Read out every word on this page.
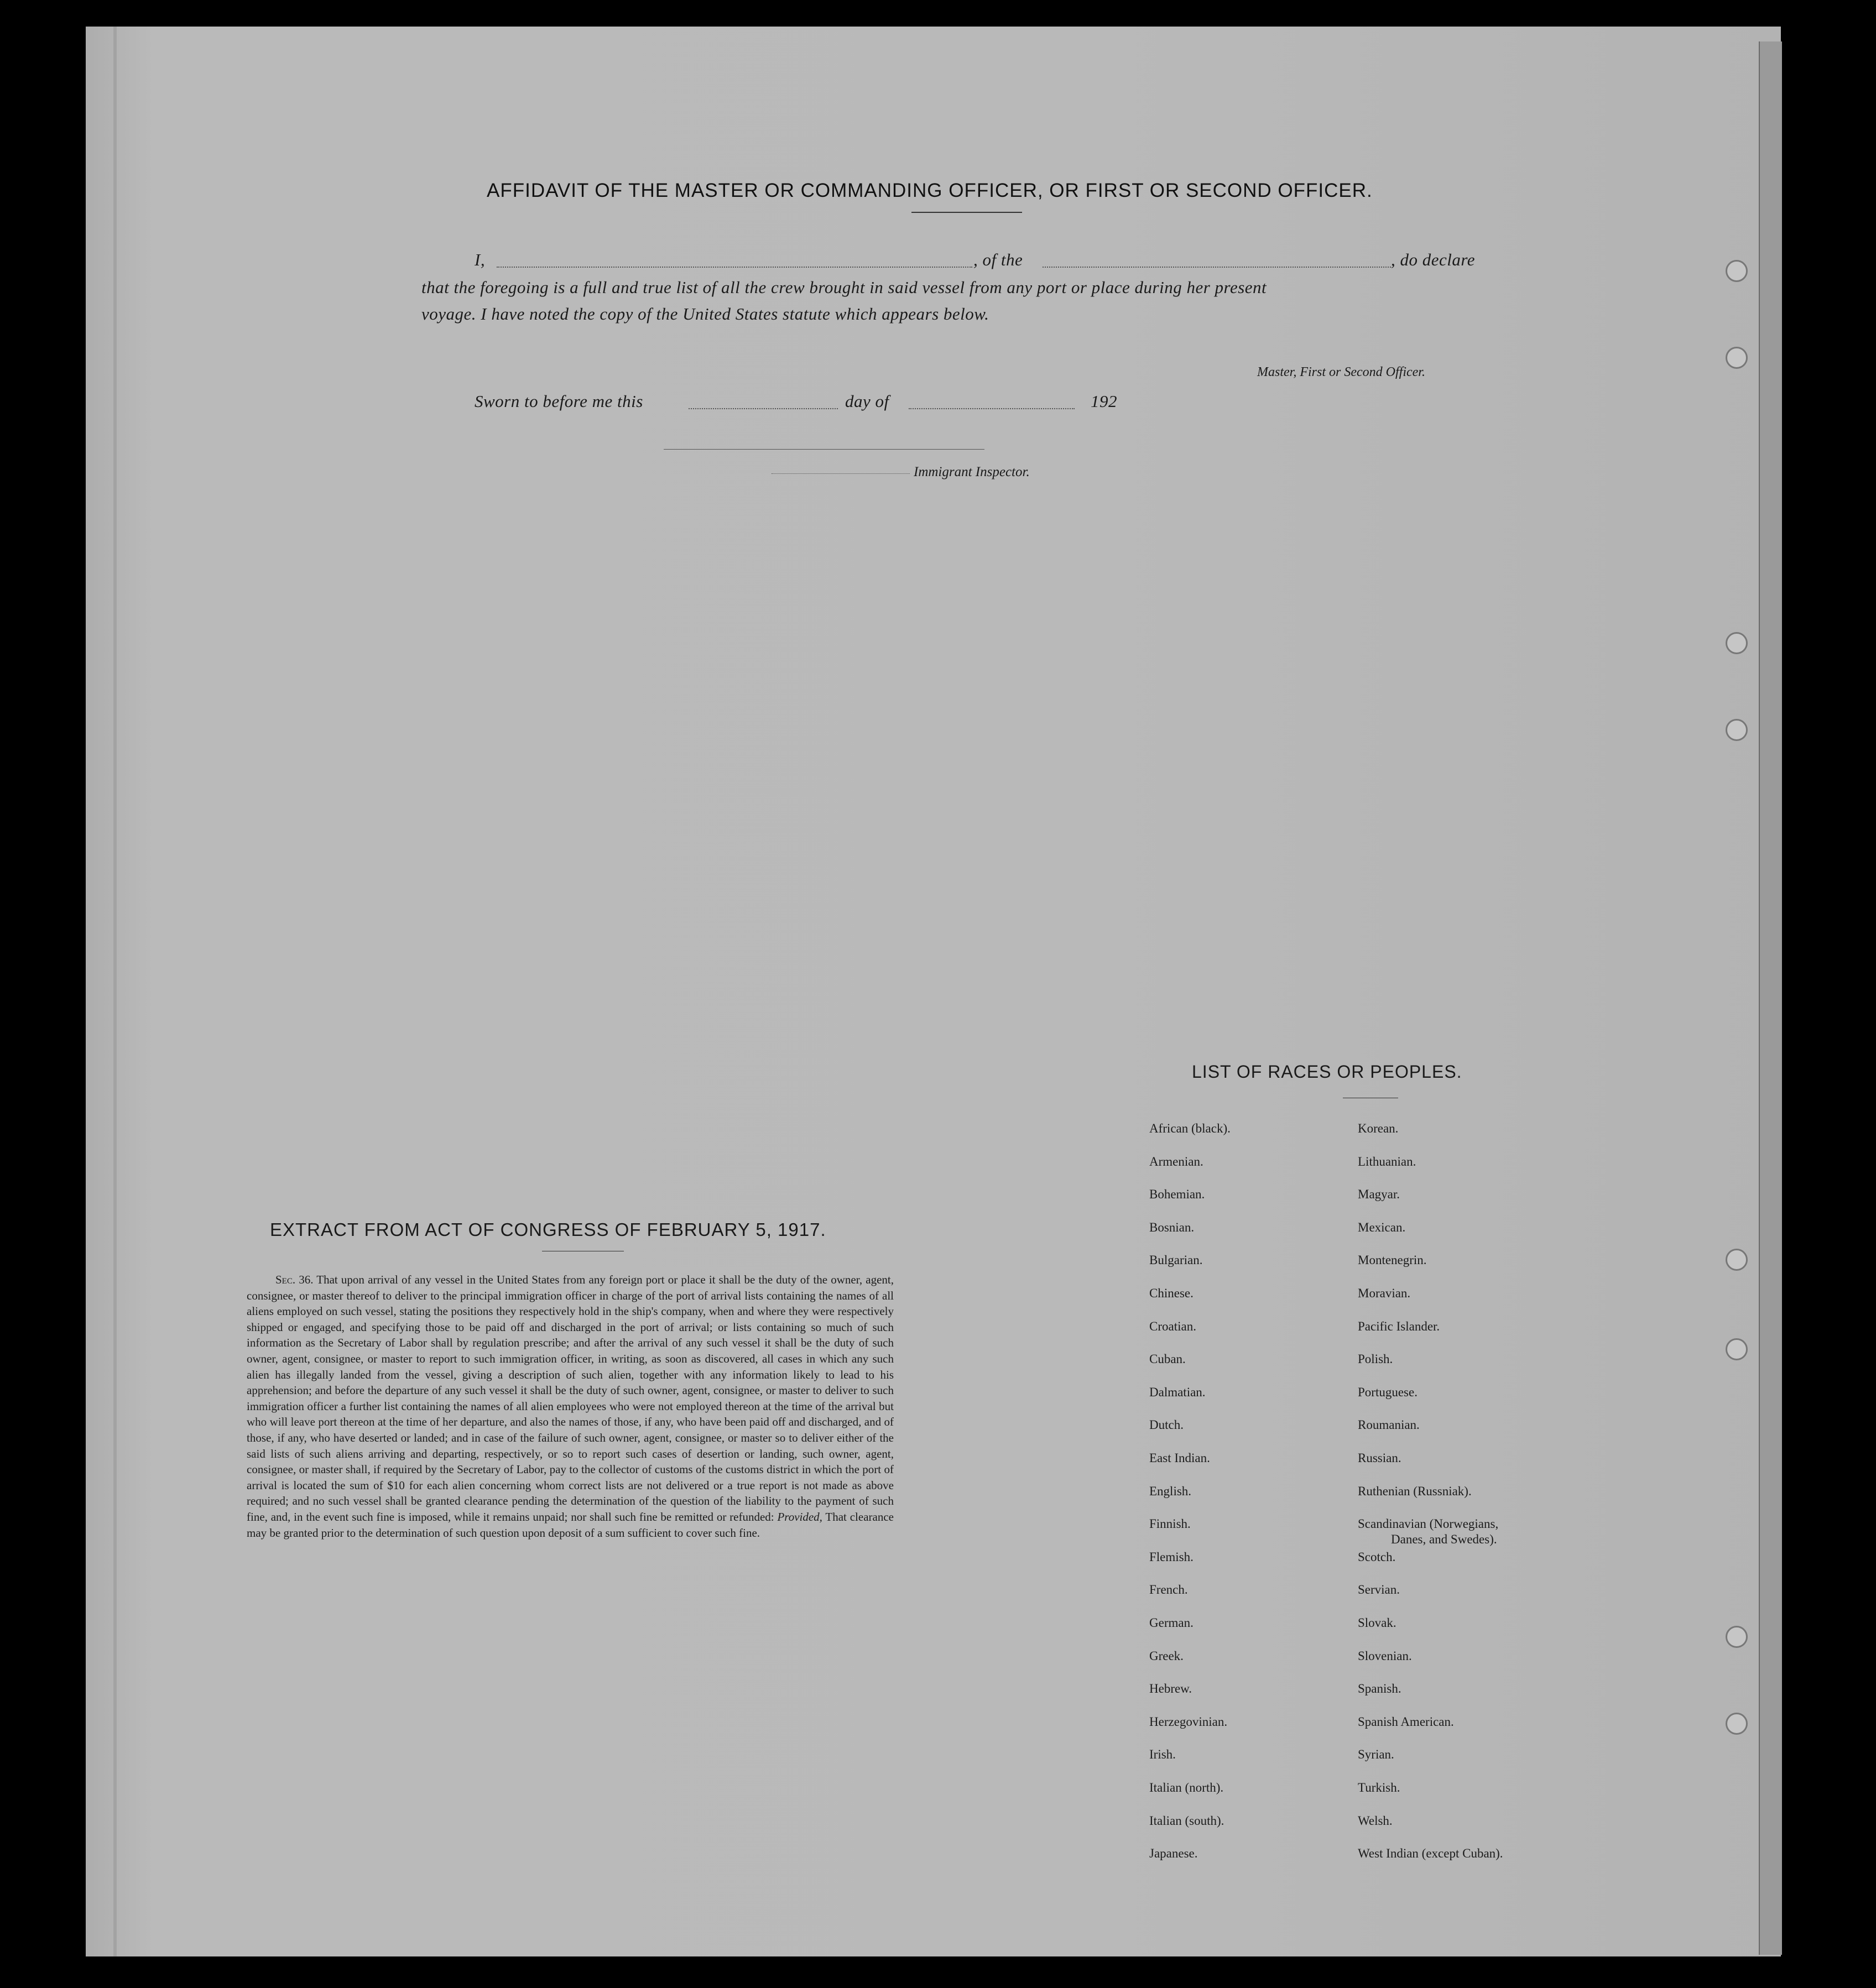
AFFIDAVIT OF THE MASTER OR COMMANDING OFFICER, OR FIRST OR SECOND OFFICER.
I,	, of the	, do declare
that the foregoing is a full and true list of all the crew brought in said vessel from any port or place during her present
voyage. I have noted the copy of the United States statute which appears below.
Master, First or Second Officer.
Sworn to before me this	day of	192
Immigrant Inspector.
EXTRACT FROM ACT OF CONGRESS OF FEBRUARY 5, 1917.
Sec. 36. That upon arrival of any vessel in the United States from any foreign port or place it shall be the duty of the owner, agent, consignee, or master thereof to deliver to the principal immigration officer in charge of the port of arrival lists containing the names of all aliens employed on such vessel, stating the positions they respectively hold in the ship's company, when and where they were respectively shipped or engaged, and specifying those to be paid off and discharged in the port of arrival; or lists containing so much of such information as the Secretary of Labor shall by regulation prescribe; and after the arrival of any such vessel it shall be the duty of such owner, agent, consignee, or master to report to such immigration officer, in writing, as soon as discovered, all cases in which any such alien has illegally landed from the vessel, giving a description of such alien, together with any information likely to lead to his apprehension; and before the departure of any such vessel it shall be the duty of such owner, agent, consignee, or master to deliver to such immigration officer a further list containing the names of all alien employees who were not employed thereon at the time of the arrival but who will leave port thereon at the time of her departure, and also the names of those, if any, who have been paid off and discharged, and of those, if any, who have deserted or landed; and in case of the failure of such owner, agent, consignee, or master so to deliver either of the said lists of such aliens arriving and departing, respectively, or so to report such cases of desertion or landing, such owner, agent, consignee, or master shall, if required by the Secretary of Labor, pay to the collector of customs of the customs district in which the port of arrival is located the sum of $10 for each alien concerning whom correct lists are not delivered or a true report is not made as above required; and no such vessel shall be granted clearance pending the determination of the question of the liability to the payment of such fine, and, in the event such fine is imposed, while it remains unpaid; nor shall such fine be remitted or refunded: Provided, That clearance may be granted prior to the determination of such question upon deposit of a sum sufficient to cover such fine.
LIST OF RACES OR PEOPLES.
African (black).
Armenian.
Bohemian.
Bosnian.
Bulgarian.
Chinese.
Croatian.
Cuban.
Dalmatian.
Dutch.
East Indian.
English.
Finnish.
Flemish.
French.
German.
Greek.
Hebrew.
Herzegovinian.
Irish.
Italian (north).
Italian (south).
Japanese.
Korean.
Lithuanian.
Magyar.
Mexican.
Montenegrin.
Moravian.
Pacific Islander.
Polish.
Portuguese.
Roumanian.
Russian.
Ruthenian (Russniak).
Scandinavian (Norwegians,
Danes, and Swedes).
Scotch.
Servian.
Slovak.
Slovenian.
Spanish.
Spanish American.
Syrian.
Turkish.
Welsh.
West Indian (except Cuban).
